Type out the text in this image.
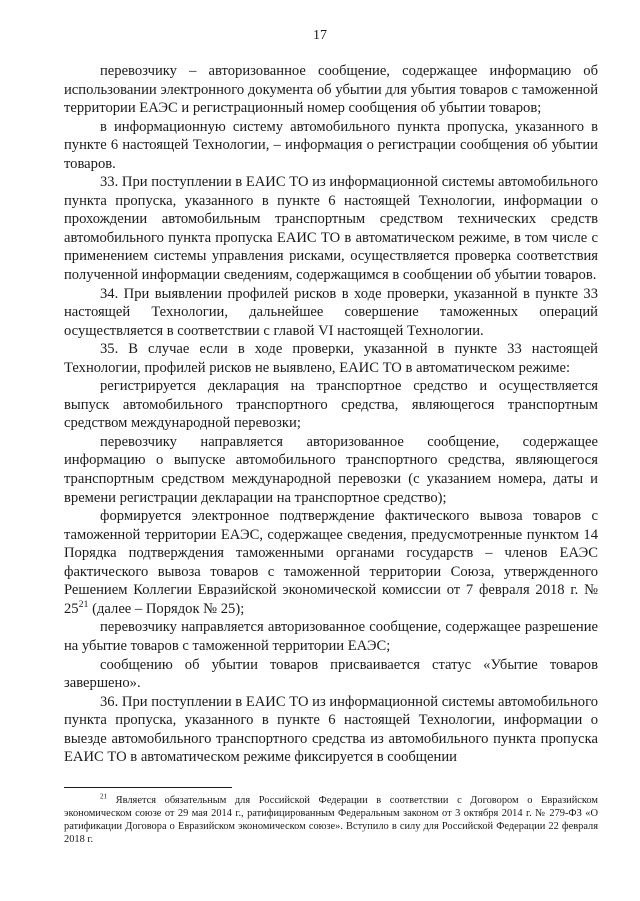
17

перевозчику – авторизованное сообщение, содержащее информацию об использовании электронного документа об убытии для убытия товаров с таможенной территории ЕАЭС и регистрационный номер сообщения об убытии товаров;

в информационную систему автомобильного пункта пропуска, указанного в пункте 6 настоящей Технологии, – информация о регистрации сообщения об убытии товаров.

33. При поступлении в ЕАИС ТО из информационной системы автомобильного пункта пропуска, указанного в пункте 6 настоящей Технологии, информации о прохождении автомобильным транспортным средством технических средств автомобильного пункта пропуска ЕАИС ТО в автоматическом режиме, в том числе с применением системы управления рисками, осуществляется проверка соответствия полученной информации сведениям, содержащимся в сообщении об убытии товаров.

34. При выявлении профилей рисков в ходе проверки, указанной в пункте 33 настоящей Технологии, дальнейшее совершение таможенных операций осуществляется в соответствии с главой VI настоящей Технологии.

35. В случае если в ходе проверки, указанной в пункте 33 настоящей Технологии, профилей рисков не выявлено, ЕАИС ТО в автоматическом режиме:

регистрируется декларация на транспортное средство и осуществляется выпуск автомобильного транспортного средства, являющегося транспортным средством международной перевозки;

перевозчику направляется авторизованное сообщение, содержащее информацию о выпуске автомобильного транспортного средства, являющегося транспортным средством международной перевозки (с указанием номера, даты и времени регистрации декларации на транспортное средство);

формируется электронное подтверждение фактического вывоза товаров с таможенной территории ЕАЭС, содержащее сведения, предусмотренные пунктом 14 Порядка подтверждения таможенными органами государств – членов ЕАЭС фактического вывоза товаров с таможенной территории Союза, утвержденного Решением Коллегии Евразийской экономической комиссии от 7 февраля 2018 г. № $25^{21}$ (далее – Порядок № 25);

перевозчику направляется авторизованное сообщение, содержащее разрешение на убытие товаров с таможенной территории ЕАЭС;

сообщению об убытии товаров присваивается статус «Убытие товаров завершено».

36. При поступлении в ЕАИС ТО из информационной системы автомобильного пункта пропуска, указанного в пункте 6 настоящей Технологии, информации о выезде автомобильного транспортного средства из автомобильного пункта пропуска ЕАИС ТО в автоматическом режиме фиксируется в сообщении

$^{21}$ Является обязательным для Российской Федерации в соответствии с Договором о Евразийском экономическом союзе от 29 мая 2014 г., ратифицированным Федеральным законом от 3 октября 2014 г. № 279-ФЗ «О ратификации Договора о Евразийском экономическом союзе». Вступило в силу для Российской Федерации 22 февраля 2018 г.
